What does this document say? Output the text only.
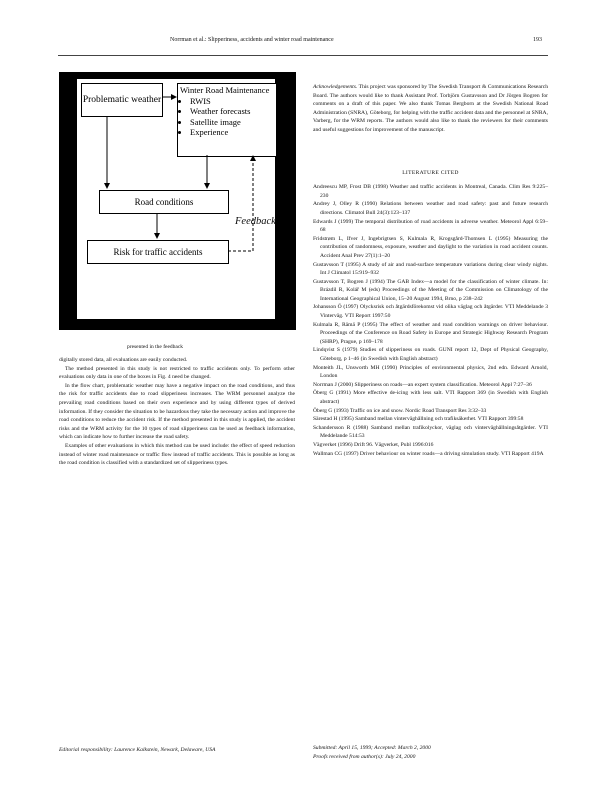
Norrman et al.: Slipperiness, accidents and winter road maintenance	193
Problematic weather
Winter Road Maintenance
• RWIS
• Weather forecasts
• Satellite image
• Experience
Road conditions
Risk for traffic accidents
Feedback
presented in the feedback

digitally stored data, all evaluations are easily conducted.

The method presented in this study is not restricted to traffic accidents only. To perform other evaluations only data in one of the boxes in Fig. 4 need be changed.

In the flow chart, problematic weather may have a negative impact on the road conditions, and thus the risk for traffic accidents due to road slipperiness increases. The WRM personnel analyze the prevailing road conditions based on their own experience and by using different types of derived information. If they consider the situation to be hazardous they take the necessary action and improve the road conditions to reduce the accident risk. If the method presented in this study is applied, the accident risks and the WRM activity for the 10 types of road slipperiness can be used as feedback information, which can indicate how to further increase the road safety.

Examples of other evaluations in which this method can be used include: the effect of speed reduction instead of winter road maintenance or traffic flow instead of traffic accidents. This is possible as long as the road condition is classified with a standardized set of slipperiness types.

Editorial responsibility: Laurence Kalkstein, Newark, Delaware, USA

Acknowledgements. This project was sponsored by The Swedish Transport & Communications Research Board. The authors would like to thank Assistant Prof. Torbjörn Gustavsson and Dr Jörgen Bogren for comments on a draft of this paper. We also thank Tomas Bergborn at the Swedish National Road Administration (SNRA), Göteborg, for helping with the traffic accident data and the personnel at SNRA, Varberg, for the WRM reports. The authors would also like to thank the reviewers for their comments and useful suggestions for improvement of the manuscript.

LITERATURE CITED

Andreescu MP, Frost DB (1998) Weather and traffic accidents in Montreal, Canada. Clim Res 9:225–230

Andrey J, Olley R (1990) Relations between weather and road safety: past and future research directions. Climatol Bull 24(3):123–137

Edwards J (1999) The temporal distribution of road accidents in adverse weather. Meteorol Appl 6:59–68

Fridstrøm L, Ifver J, Ingebrigtsen S, Kulmala R, Krogsgård-Thomsen L (1995) Measuring the contribution of randomness, exposure, weather and daylight to the variation in road accident counts. Accident Anal Prev 27(1):1–20

Gustavsson T (1995) A study of air and road-surface temperature variations during clear windy nights. Int J Climatol 15:919–932

Gustavsson T, Bogren J (1994) The GAB Index—a model for the classification of winter climate. In: Brázdil R, Kolář M (eds) Proceedings of the Meeting of the Commission on Climatology of the International Geographical Union, 15–20 August 1994, Brno, p 238–242

Johansson Ö (1997) Olycksrisk och åtgärdsförekomst vid olika väglag och åtgärder. VTI Meddelande 3 Vinterväg. VTI Report 1997:50

Kulmala R, Rämä P (1995) The effect of weather and road condition warnings on driver behaviour. Proceedings of the Conference on Road Safety in Europe and Strategic Highway Research Program (SHRP), Prague, p 169–178

Lindqvist S (1979) Studies of slipperiness on roads. GUNI report 12, Dept of Physical Geography, Göteborg, p 1–46 (in Swedish with English abstract)

Monteith JL, Unsworth MH (1990) Principles of environmental physics, 2nd edn. Edward Arnold, London

Norrman J (2000) Slipperiness on roads—an expert system classification. Meteorol Appl 7:27–36

Öberg G (1991) More effective de-icing with less salt. VTI Rapport 369 (in Swedish with English abstract)

Öberg G (1993) Traffic on ice and snow. Nordic Road Transport Res 3:32–33

Särestad H (1995) Samband mellan vinterväghållning och trafiksäkerhet. VTI Rapport 399:58

Schandersson R (1988) Samband mellan trafikolyckor, väglag och vinterväghållningsåtgärder. VTI Meddelande 514:53

Vägverket (1996) Drift 96. Vägverket, Publ 1996:016

Wallman CG (1997) Driver behaviour on winter roads—a driving simulation study. VTI Rapport 419A

Submitted: April 15, 1999; Accepted: March 2, 2000
Proofs received from author(s): July 24, 2000
